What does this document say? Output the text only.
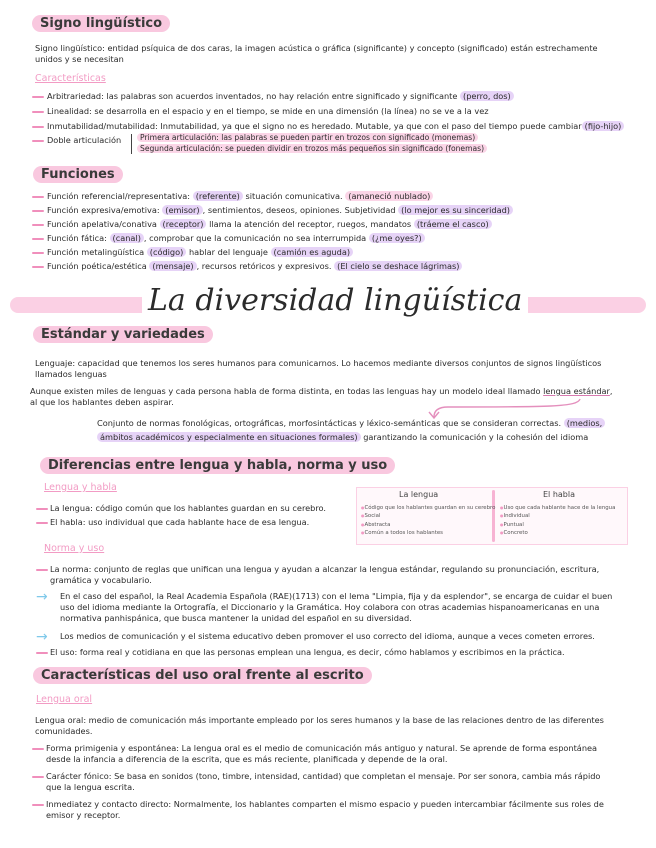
Signo lingüístico
Signo lingüístico: entidad psíquica de dos caras, la imagen acústica o gráfica (significante) y concepto (significado) están estrechamente
unidos y se necesitan
Características
Arbitrariedad: las palabras son acuerdos inventados, no hay relación entre significado y significante (perro, dos)
Linealidad: se desarrolla en el espacio y en el tiempo, se mide en una dimensión (la línea) no se ve a la vez
Inmutabilidad/mutabilidad: Inmutabilidad, ya que el signo no es heredado. Mutable, ya que con el paso del tiempo puede cambiar (fijo-hijo)
Doble articulación	Primera articulación: las palabras se pueden partir en trozos con significado (monemas)
Segunda articulación: se pueden dividir en trozos más pequeños sin significado (fonemas)
Funciones
Función referencial/representativa: (referente) situación comunicativa. (amaneció nublado)
Función expresiva/emotiva: (emisor) , sentimientos, deseos, opiniones. Subjetividad (lo mejor es su sinceridad)
Función apelativa/conativa (receptor) llama la atención del receptor, ruegos, mandatos (tráeme el casco)
Función fática: (canal) , comprobar que la comunicación no sea interrumpida (¿me oyes?)
Función metalingüística (código) hablar del lenguaje (camión es aguda)
Función poética/estética (mensaje) , recursos retóricos y expresivos. (El cielo se deshace lágrimas)
La diversidad lingüística
Estándar y variedades
Lenguaje: capacidad que tenemos los seres humanos para comunicarnos. Lo hacemos mediante diversos conjuntos de signos lingüísticos
llamados lenguas
Aunque existen miles de lenguas y cada persona habla de forma distinta, en todas las lenguas hay un modelo ideal llamado lengua estándar,
al que los hablantes deben aspirar.
Conjunto de normas fonológicas, ortográficas, morfosintácticas y léxico-semánticas que se consideran correctas. (medios,
ámbitos académicos y especialmente en situaciones formales) garantizando la comunicación y la cohesión del idioma
Diferencias entre lengua y habla, norma y uso
Lengua y habla
La lengua: código común que los hablantes guardan en su cerebro.
El habla: uso individual que cada hablante hace de esa lengua.
La lengua	El habla
● Código que los hablantes guardan en su cerebro
● Social
● Abstracta
● Común a todos los hablantes
● Uso que cada hablante hace de la lengua
● Individual
● Puntual
● Concreto
Norma y uso
La norma: conjunto de reglas que unifican una lengua y ayudan a alcanzar la lengua estándar, regulando su pronunciación, escritura,
gramática y vocabulario.
→ En el caso del español, la Real Academia Española (RAE)(1713) con el lema "Limpia, fija y da esplendor", se encarga de cuidar el buen
uso del idioma mediante la Ortografía, el Diccionario y la Gramática. Hoy colabora con otras academias hispanoamericanas en una
normativa panhispánica, que busca mantener la unidad del español en su diversidad.
→ Los medios de comunicación y el sistema educativo deben promover el uso correcto del idioma, aunque a veces cometen errores.
El uso: forma real y cotidiana en que las personas emplean una lengua, es decir, cómo hablamos y escribimos en la práctica.
Características del uso oral frente al escrito
Lengua oral
Lengua oral: medio de comunicación más importante empleado por los seres humanos y la base de las relaciones dentro de las diferentes
comunidades.
Forma primigenia y espontánea: La lengua oral es el medio de comunicación más antiguo y natural. Se aprende de forma espontánea
desde la infancia a diferencia de la escrita, que es más reciente, planificada y depende de la oral.
Carácter fónico: Se basa en sonidos (tono, timbre, intensidad, cantidad) que completan el mensaje. Por ser sonora, cambia más rápido
que la lengua escrita.
Inmediatez y contacto directo: Normalmente, los hablantes comparten el mismo espacio y pueden intercambiar fácilmente sus roles de
emisor y receptor.
